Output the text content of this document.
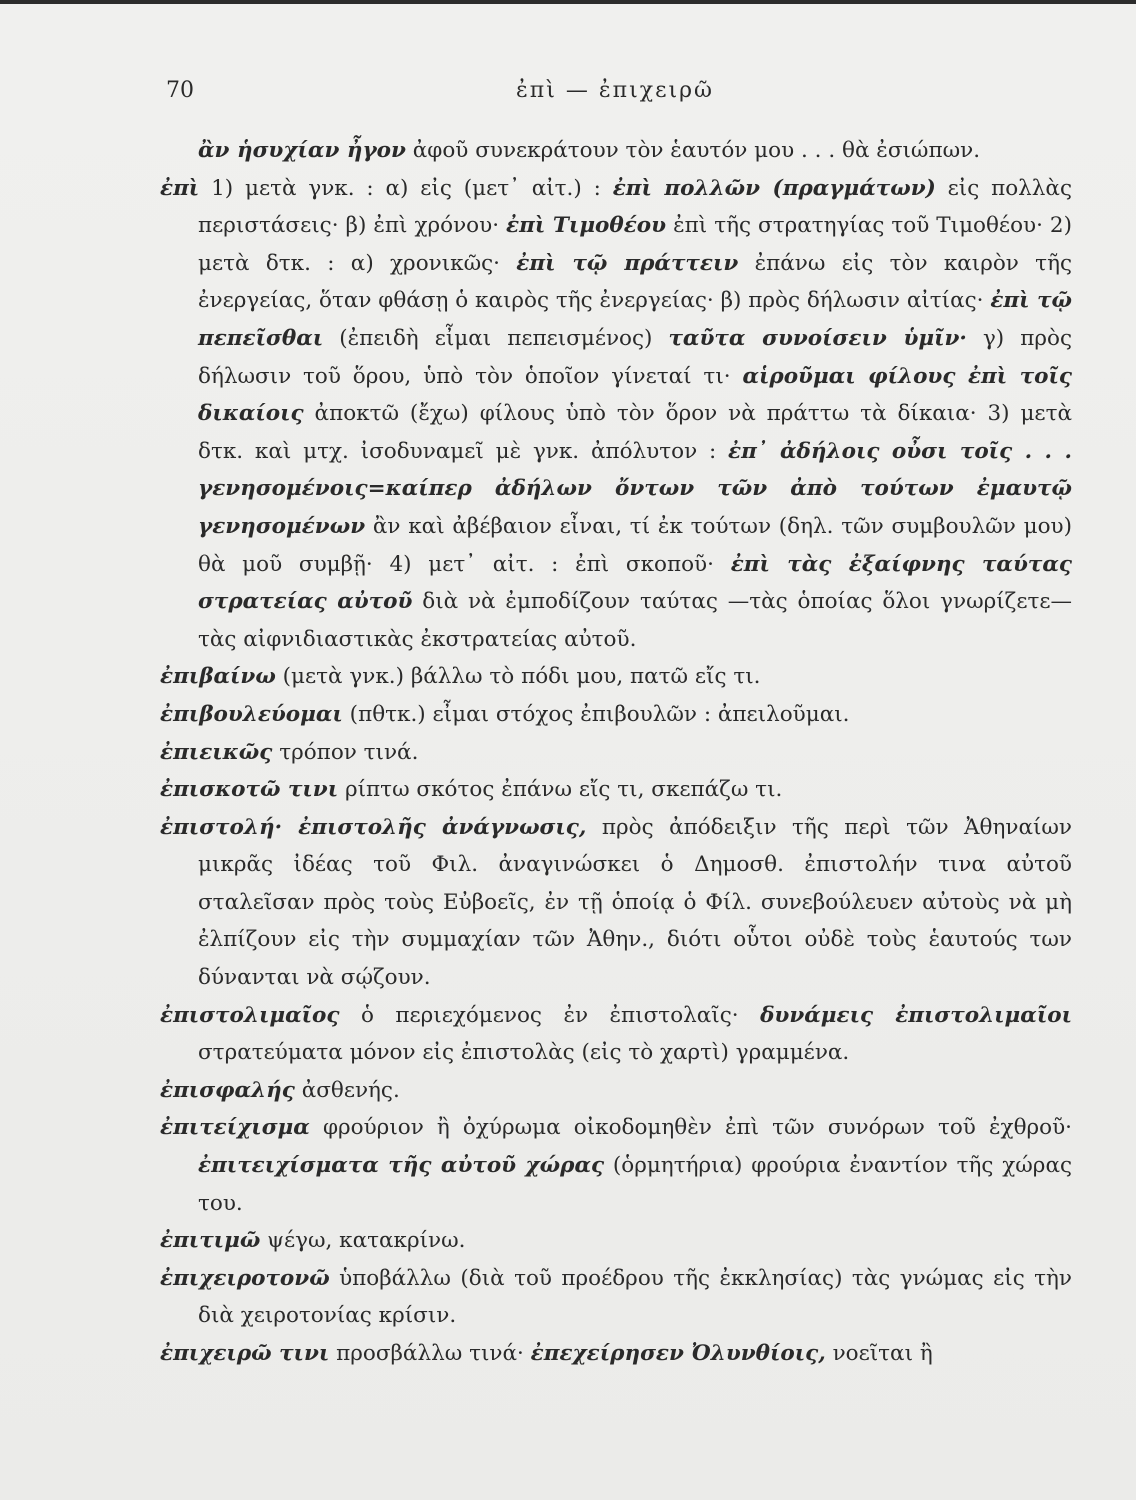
70	ἐπὶ — ἐπιχειρῶ

ἂν ἡσυχίαν ἦγον ἀφοῦ συνεκράτουν τὸν ἑαυτόν μου . . . θὰ ἐσιώπων.

ἐπὶ 1) μετὰ γνκ. : α) εἰς (μετ᾿ αἰτ.) : ἐπὶ πολλῶν (πραγμάτων) εἰς πολλὰς περιστάσεις· β) ἐπὶ χρόνου· ἐπὶ Τιμοθέου ἐπὶ τῆς στρατηγίας τοῦ Τιμοθέου· 2) μετὰ δτκ. : α) χρονικῶς· ἐπὶ τῷ πράττειν ἐπάνω εἰς τὸν καιρὸν τῆς ἐνεργείας, ὅταν φθάσῃ ὁ καιρὸς τῆς ἐνεργείας· β) πρὸς δήλωσιν αἰτίας· ἐπὶ τῷ πεπεῖσθαι (ἐπειδὴ εἶμαι πεπεισμένος) ταῦτα συνοίσειν ὑμῖν· γ) πρὸς δήλωσιν τοῦ ὅρου, ὑπὸ τὸν ὁποῖον γίνεταί τι· αἱροῦμαι φίλους ἐπὶ τοῖς δικαίοις ἀποκτῶ (ἔχω) φίλους ὑπὸ τὸν ὅρον νὰ πράττω τὰ δίκαια· 3) μετὰ δτκ. καὶ μτχ. ἰσοδυναμεῖ μὲ γνκ. ἀπόλυτον : ἐπ᾿ ἀδήλοις οὖσι τοῖς . . . γενησομένοις=καίπερ ἀδήλων ὄντων τῶν ἀπὸ τούτων ἐμαυτῷ γενησομένων ἂν καὶ ἀβέβαιον εἶναι, τί ἐκ τούτων (δηλ. τῶν συμβουλῶν μου) θὰ μοῦ συμβῇ· 4) μετ᾿ αἰτ. : ἐπὶ σκοποῦ· ἐπὶ τὰς ἐξαίφνης ταύτας στρατείας αὐτοῦ διὰ νὰ ἐμποδίζουν ταύτας —τὰς ὁποίας ὅλοι γνωρίζετε—τὰς αἰφνιδιαστικὰς ἐκστρατείας αὐτοῦ.

ἐπιβαίνω (μετὰ γνκ.) βάλλω τὸ πόδι μου, πατῶ εἴς τι.

ἐπιβουλεύομαι (πθτκ.) εἶμαι στόχος ἐπιβουλῶν : ἀπειλοῦμαι.

ἐπιεικῶς τρόπον τινά.

ἐπισκοτῶ τινι ρίπτω σκότος ἐπάνω εἴς τι, σκεπάζω τι.

ἐπιστολή· ἐπιστολῆς ἀνάγνωσις, πρὸς ἀπόδειξιν τῆς περὶ τῶν Ἀθηναίων μικρᾶς ἰδέας τοῦ Φιλ. ἀναγινώσκει ὁ Δημοσθ. ἐπιστολήν τινα αὐτοῦ σταλεῖσαν πρὸς τοὺς Εὐβοεῖς, ἐν τῇ ὁποίᾳ ὁ Φίλ. συνεβούλευεν αὐτοὺς νὰ μὴ ἐλπίζουν εἰς τὴν συμμαχίαν τῶν Ἀθην., διότι οὗτοι οὐδὲ τοὺς ἑαυτούς των δύνανται νὰ σῴζουν.

ἐπιστολιμαῖος ὁ περιεχόμενος ἐν ἐπιστολαῖς· δυνάμεις ἐπιστολιμαῖοι στρατεύματα μόνον εἰς ἐπιστολὰς (εἰς τὸ χαρτὶ) γραμμένα.

ἐπισφαλής ἀσθενής.

ἐπιτείχισμα φρούριον ἢ ὀχύρωμα οἰκοδομηθὲν ἐπὶ τῶν συνόρων τοῦ ἐχθροῦ· ἐπιτειχίσματα τῆς αὐτοῦ χώρας (ὁρμητήρια) φρούρια ἐναντίον τῆς χώρας του.

ἐπιτιμῶ ψέγω, κατακρίνω.

ἐπιχειροτονῶ ὑποβάλλω (διὰ τοῦ προέδρου τῆς ἐκκλησίας) τὰς γνώμας εἰς τὴν διὰ χειροτονίας κρίσιν.

ἐπιχειρῶ τινι προσβάλλω τινά· ἐπεχείρησεν Ὀλυνθίοις, νοεῖται ἢ
